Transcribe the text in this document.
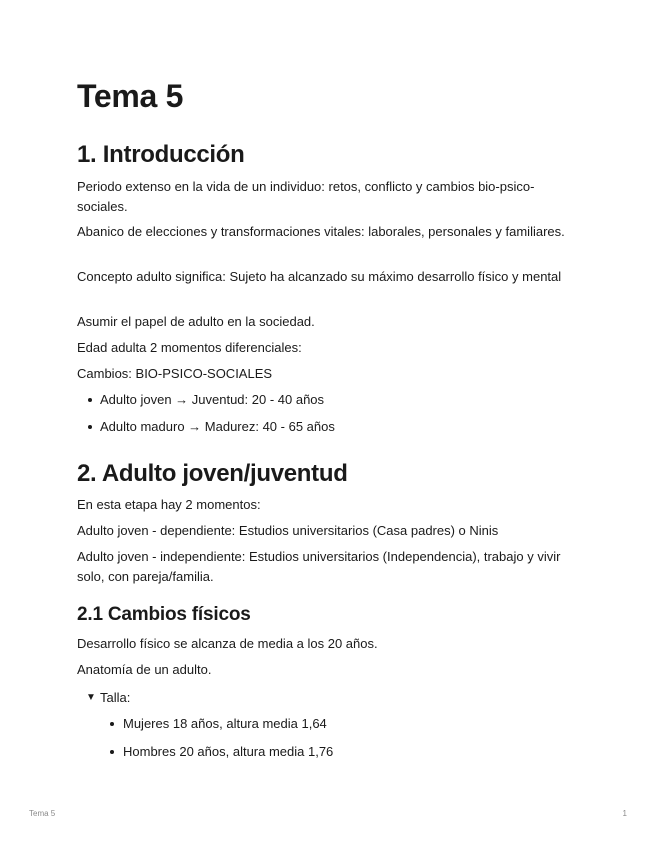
Tema 5
1. Introducción

Periodo extenso en la vida de un individuo: retos, conflicto y cambios bio-psico-sociales.

Abanico de elecciones y transformaciones vitales: laborales, personales y familiares.

Concepto adulto significa: Sujeto ha alcanzado su máximo desarrollo físico y mental

Asumir el papel de adulto en la sociedad.

Edad adulta 2 momentos diferenciales:

Cambios: BIO-PSICO-SOCIALES

Adulto joven → Juventud: 20 - 40 años

Adulto maduro → Madurez: 40 - 65 años

2. Adulto joven/juventud

En esta etapa hay 2 momentos:

Adulto joven - dependiente: Estudios universitarios (Casa padres) o Ninis

Adulto joven - independiente: Estudios universitarios (Independencia), trabajo y vivir solo, con pareja/familia.

2.1 Cambios físicos

Desarrollo físico se alcanza de media a los 20 años.

Anatomía de un adulto.

▼ Talla:

Mujeres 18 años, altura media 1,64

Hombres 20 años, altura media 1,76

Tema 5	1
